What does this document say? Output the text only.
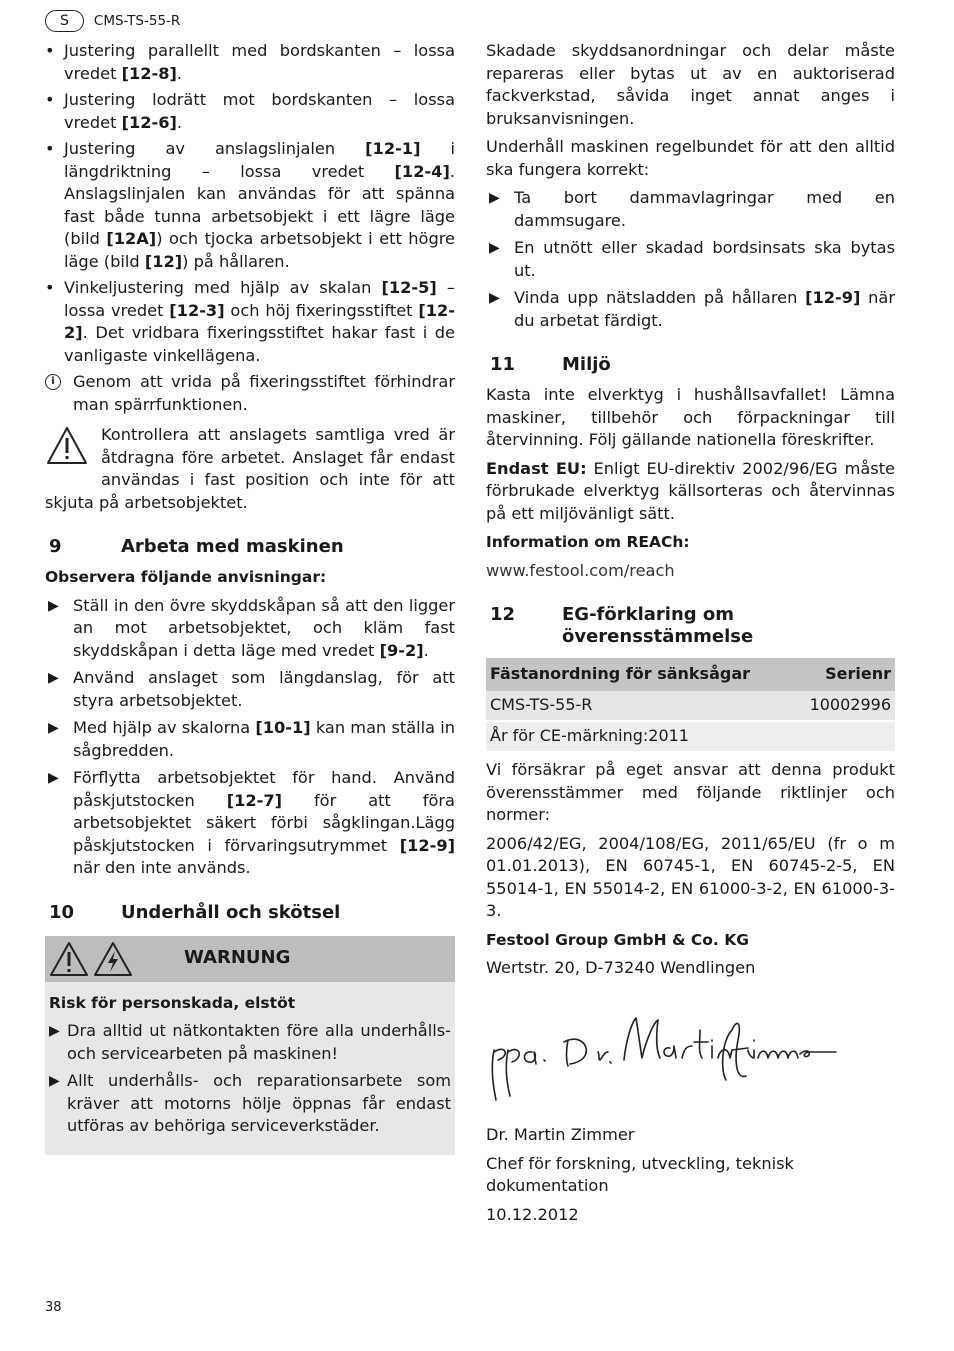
S	CMS-TS-55-R
• Justering parallellt med bordskanten – lossa vredet [12-8].
• Justering lodrätt mot bordskanten – lossa vredet [12-6].
• Justering av anslagslinjalen [12-1] i längdriktning – lossa vredet [12-4]. Anslagslinjalen kan användas för att spänna fast både tunna arbetsobjekt i ett lägre läge (bild [12A]) och tjocka arbetsobjekt i ett högre läge (bild [12]) på hållaren.
• Vinkeljustering med hjälp av skalan [12-5] – lossa vredet [12-3] och höj fixeringsstiftet [12-2]. Det vridbara fixeringsstiftet hakar fast i de vanligaste vinkellägena.
i	Genom att vrida på fixeringsstiftet förhindrar man spärrfunktionen.
Kontrollera att anslagets samtliga vred är åtdragna före arbetet. Anslaget får endast användas i fast position och inte för att skjuta på arbetsobjektet.
9	Arbeta med maskinen
Observera följande anvisningar:
▶ Ställ in den övre skyddskåpan så att den ligger an mot arbetsobjektet, och kläm fast skyddskåpan i detta läge med vredet [9-2].
▶ Använd anslaget som längdanslag, för att styra arbetsobjektet.
▶ Med hjälp av skalorna [10-1] kan man ställa in sågbredden.
▶ Förflytta arbetsobjektet för hand. Använd påskjutstocken [12-7] för att föra arbetsobjektet säkert förbi sågklingan.Lägg påskjutstocken i förvaringsutrymmet [12-9] när den inte används.
10	Underhåll och skötsel
WARNUNG
Risk för personskada, elstöt
▶ Dra alltid ut nätkontakten före alla underhålls- och servicearbeten på maskinen!
▶ Allt underhålls- och reparationsarbete som kräver att motorns hölje öppnas får endast utföras av behöriga serviceverkstäder.

Skadade skyddsanordningar och delar måste repareras eller bytas ut av en auktoriserad fackverkstad, såvida inget annat anges i bruksanvisningen.

Underhåll maskinen regelbundet för att den alltid ska fungera korrekt:

▶ Ta bort dammavlagringar med en dammsugare.
▶ En utnött eller skadad bordsinsats ska bytas ut.
▶ Vinda upp nätsladden på hållaren [12-9] när du arbetat färdigt.
11	Miljö

Kasta inte elverktyg i hushållsavfallet! Lämna maskiner, tillbehör och förpackningar till återvinning. Följ gällande nationella föreskrifter.

Endast EU: Enligt EU-direktiv 2002/96/EG måste förbrukade elverktyg källsorteras och återvinnas på ett miljövänligt sätt.

Information om REACh:

www.festool.com/reach

12	EG-förklaring om överensstämmelse
Fästanordning för sänksågar	Serienr
CMS-TS-55-R	10002996
År för CE-märkning:2011	

Vi försäkrar på eget ansvar att denna produkt överensstämmer med följande riktlinjer och normer:

2006/42/EG, 2004/108/EG, 2011/65/EU (fr o m 01.01.2013), EN 60745-1, EN 60745-2-5, EN 55014-1, EN 55014-2, EN 61000-3-2, EN 61000-3-3.

Festool Group GmbH & Co. KG

Wertstr. 20, D-73240 Wendlingen

Dr. Martin Zimmer

Chef för forskning, utveckling, teknisk dokumentation

10.12.2012

38
